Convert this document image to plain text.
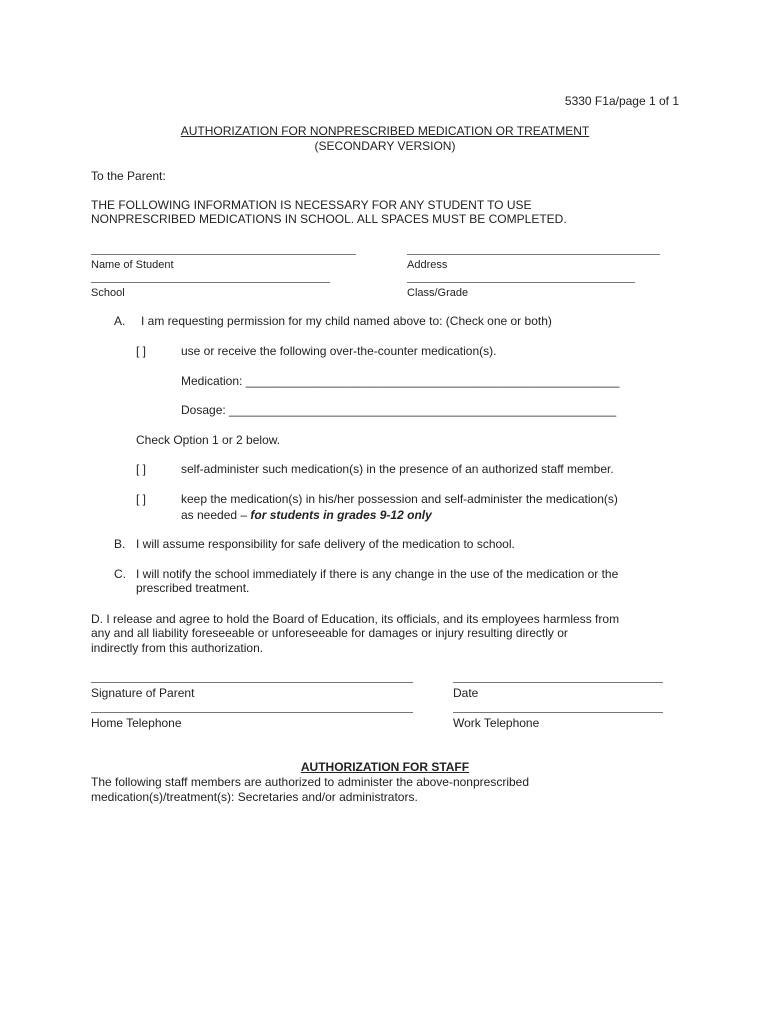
5330 F1a/page 1 of 1
AUTHORIZATION FOR NONPRESCRIBED MEDICATION OR TREATMENT
(SECONDARY VERSION)
To the Parent:
THE FOLLOWING INFORMATION IS NECESSARY FOR ANY STUDENT TO USE
NONPRESCRIBED MEDICATIONS IN SCHOOL. ALL SPACES MUST BE COMPLETED.
Name of Student	Address
School	Class/Grade
A. I am requesting permission for my child named above to: (Check one or both)
[ ]	use or receive the following over-the-counter medication(s).
Medication: ________________________________________________________
Dosage: __________________________________________________________
Check Option 1 or 2 below.
[ ]	self-administer such medication(s) in the presence of an authorized staff member.
[ ]	keep the medication(s) in his/her possession and self-administer the medication(s)
as needed – for students in grades 9-12 only
B. I will assume responsibility for safe delivery of the medication to school.
C. I will notify the school immediately if there is any change in the use of the medication or the
prescribed treatment.
D. I release and agree to hold the Board of Education, its officials, and its employees harmless from
any and all liability foreseeable or unforeseeable for damages or injury resulting directly or
indirectly from this authorization.
Signature of Parent	Date
Home Telephone	Work Telephone
AUTHORIZATION FOR STAFF
The following staff members are authorized to administer the above-nonprescribed
medication(s)/treatment(s): Secretaries and/or administrators.
